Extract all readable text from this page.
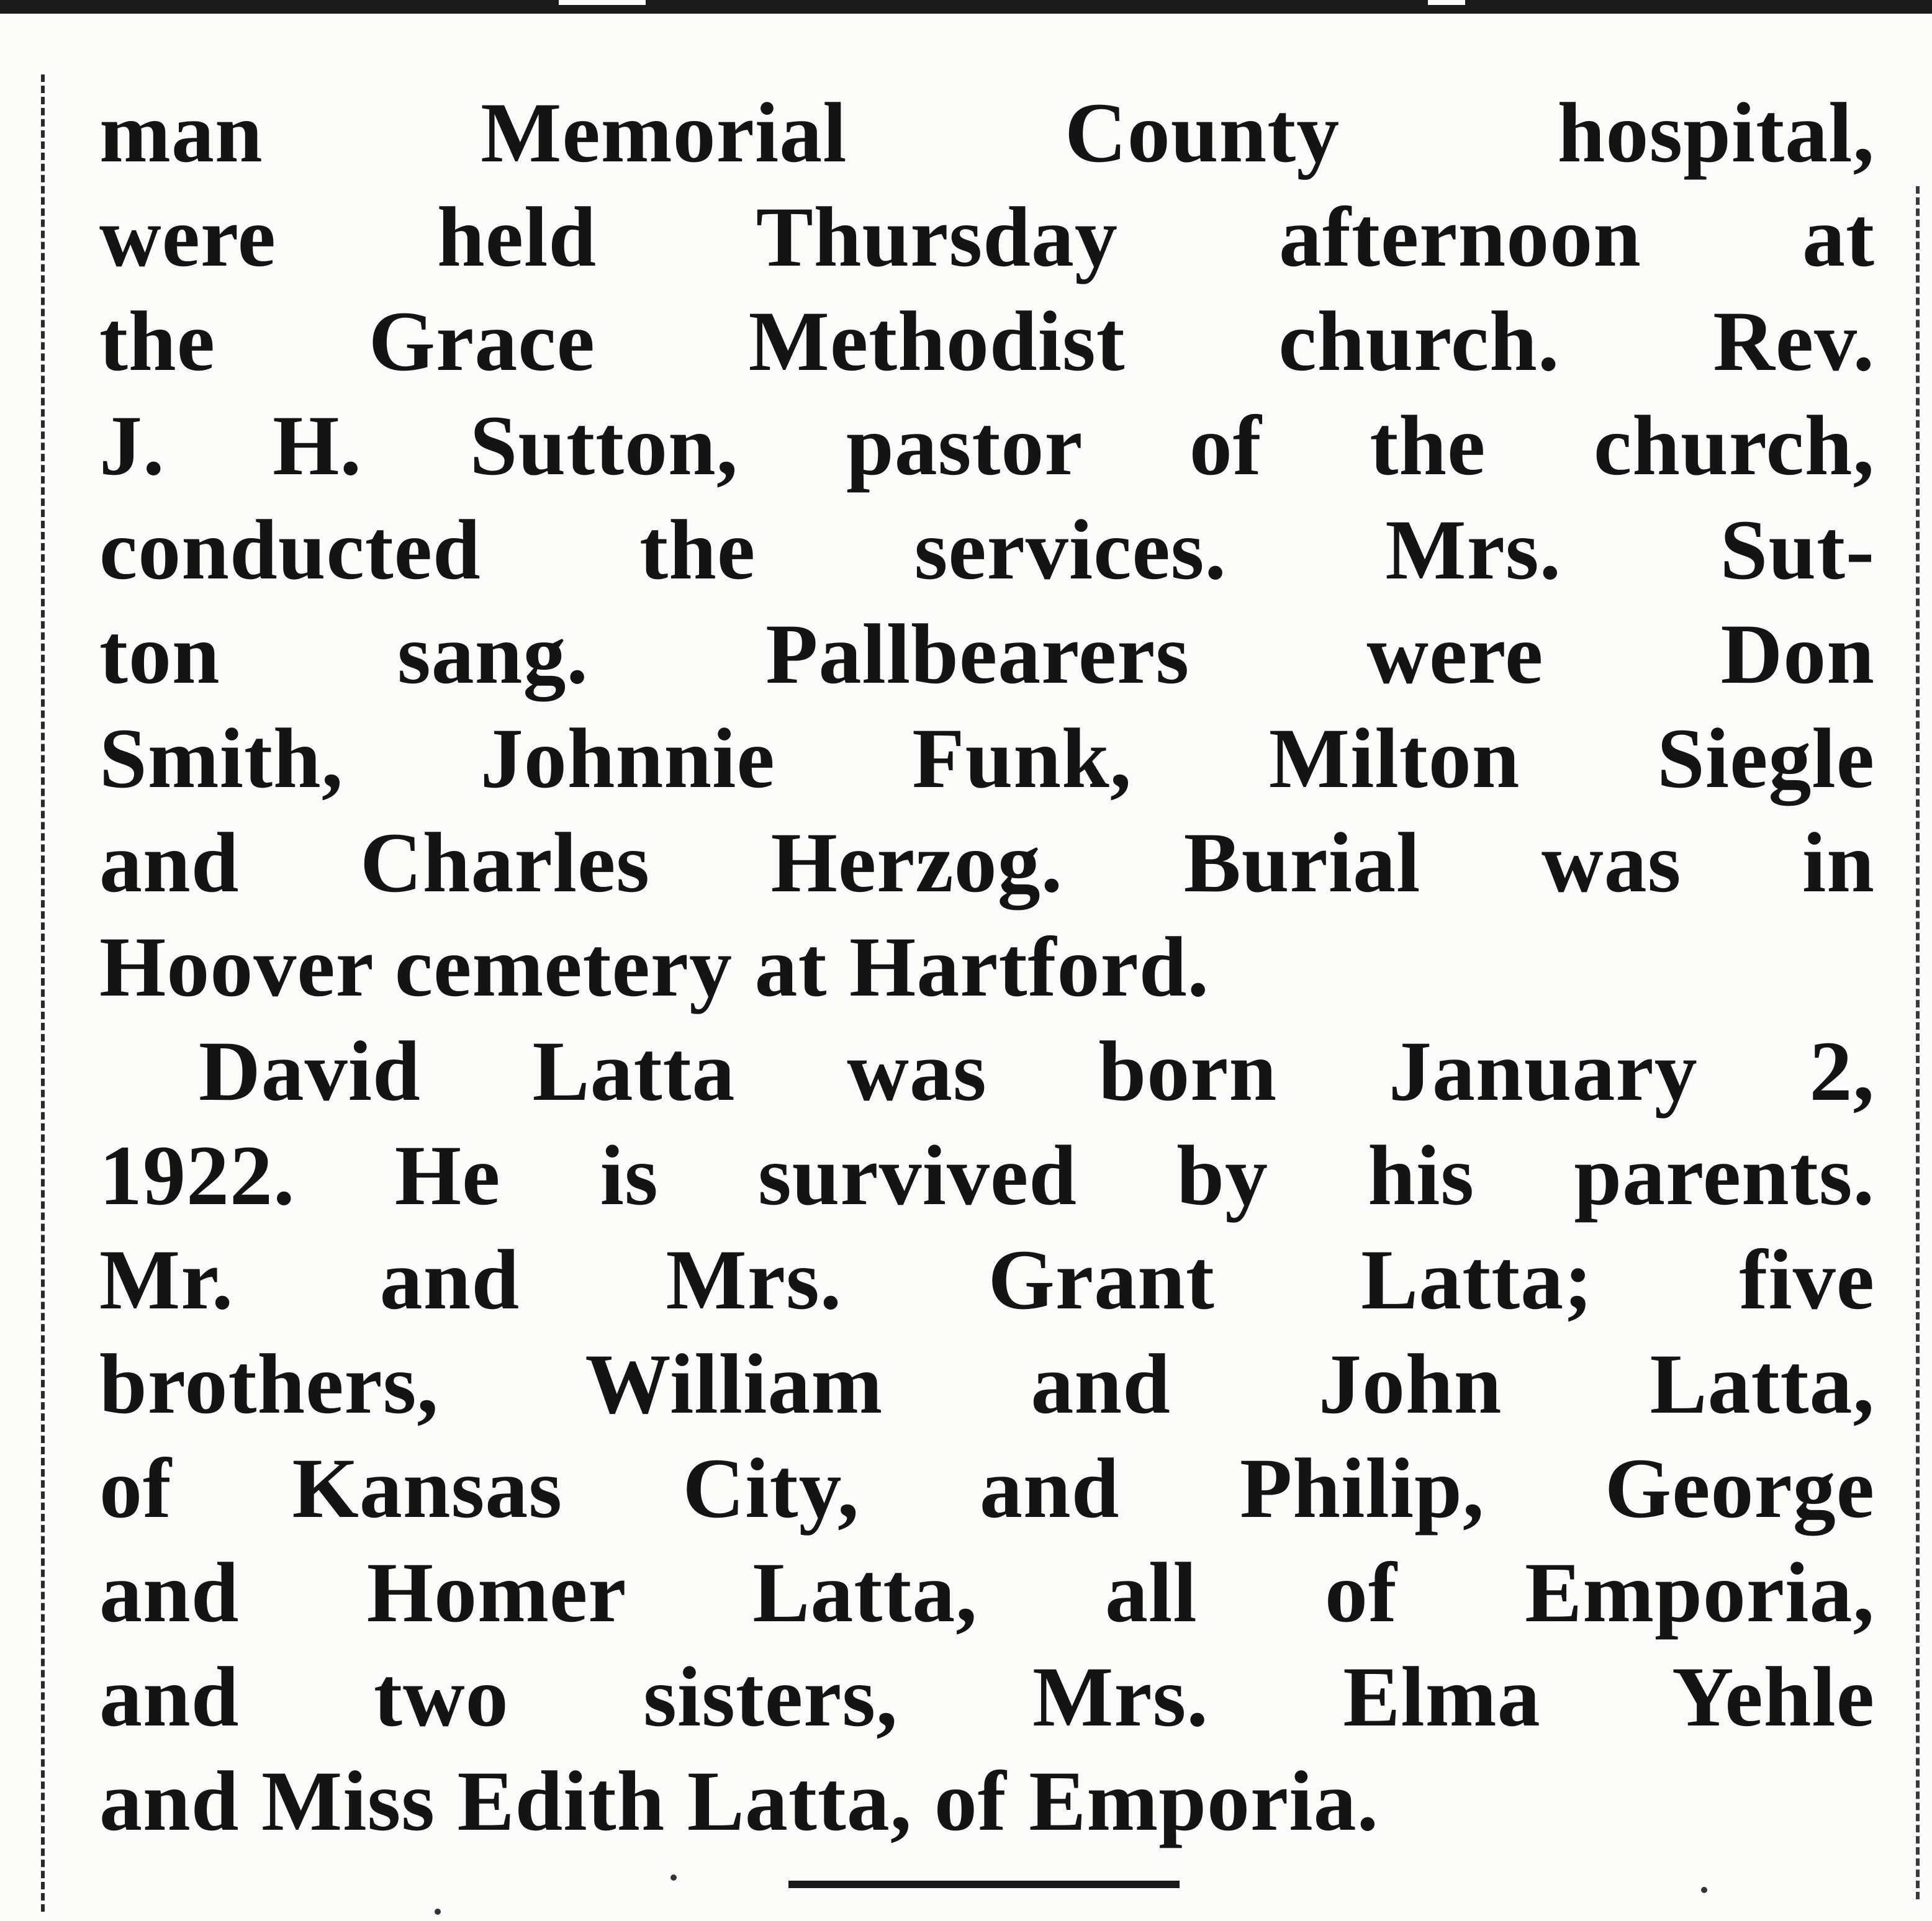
man Memorial County hospital,
were held Thursday afternoon at
the Grace Methodist church. Rev.
J. H. Sutton, pastor of the church,
conducted the services. Mrs. Sut-
ton sang. Pallbearers were Don
Smith, Johnnie Funk, Milton Siegle
and Charles Herzog. Burial was in
Hoover cemetery at Hartford.
David Latta was born January 2,
1922. He is survived by his parents.
Mr. and Mrs. Grant Latta; five
brothers, William and John Latta,
of Kansas City, and Philip, George
and Homer Latta, all of Emporia,
and two sisters, Mrs. Elma Yehle
and Miss Edith Latta, of Emporia.
